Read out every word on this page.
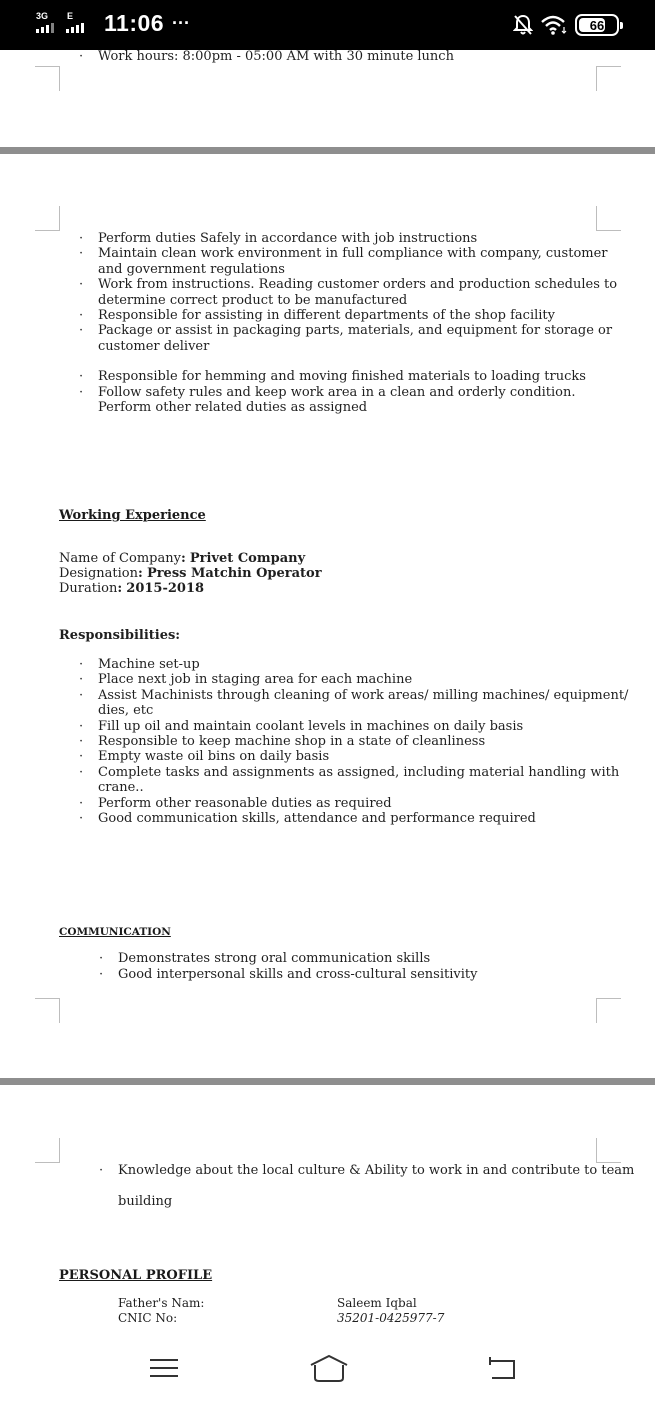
3G E 11:06 ···	66
· Work hours: 8:00pm - 05:00 AM with 30 minute lunch
· Perform duties Safely in accordance with job instructions
· Maintain clean work environment in full compliance with company, customer
and government regulations
· Work from instructions. Reading customer orders and production schedules to
determine correct product to be manufactured
· Responsible for assisting in different departments of the shop facility
· Package or assist in packaging parts, materials, and equipment for storage or
customer deliver
· Responsible for hemming and moving finished materials to loading trucks
· Follow safety rules and keep work area in a clean and orderly condition.
Perform other related duties as assigned
Working Experience
Name of Company: Privet Company
Designation: Press Matchin Operator
Duration: 2015-2018
Responsibilities:
· Machine set-up
· Place next job in staging area for each machine
· Assist Machinists through cleaning of work areas/ milling machines/ equipment/
dies, etc
· Fill up oil and maintain coolant levels in machines on daily basis
· Responsible to keep machine shop in a state of cleanliness
· Empty waste oil bins on daily basis
· Complete tasks and assignments as assigned, including material handling with
crane..
· Perform other reasonable duties as required
· Good communication skills, attendance and performance required
COMMUNICATION
· Demonstrates strong oral communication skills
· Good interpersonal skills and cross-cultural sensitivity
· Knowledge about the local culture & Ability to work in and contribute to team
building
PERSONAL PROFILE
Father's Nam:	Saleem Iqbal
CNIC No:	35201-0425977-7
